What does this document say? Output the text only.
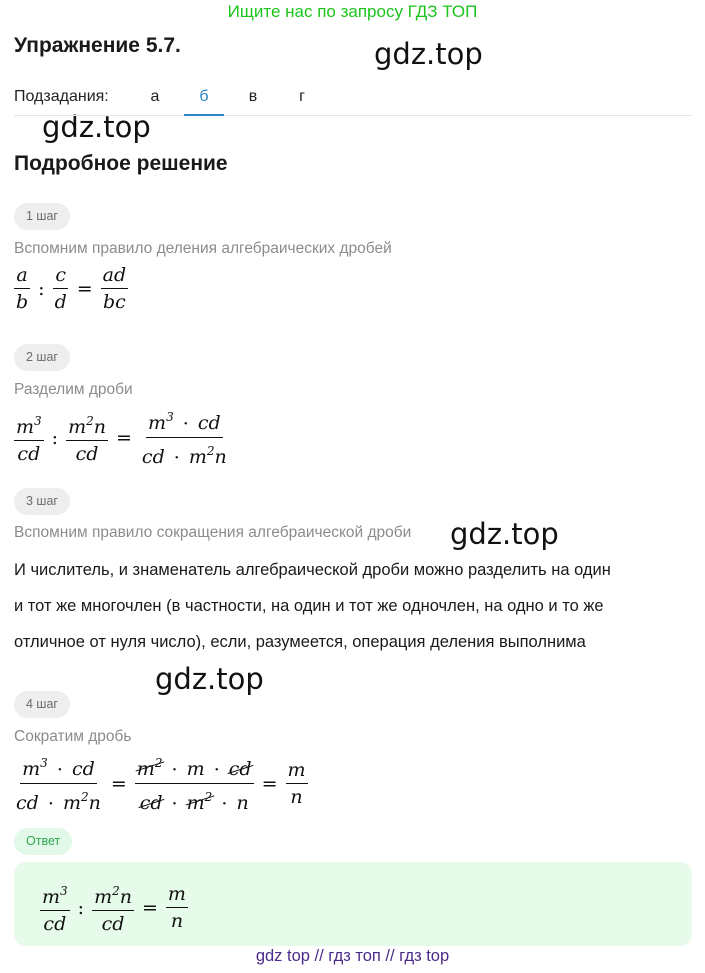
Ищите нас по запросу ГДЗ ТОП
Упражнение 5.7.	gdz.top
gdz.top
gdz.top
gdz.top
Подзадания:	а	б	в	г
Подробное решение
1 шаг
Вспомним правило деления алгебраических дробей
$\frac{a}{b}$ : $\frac{c}{d} = \frac{ad}{bc}$
2 шаг
Разделим дроби
$\frac{m^3}{cd}$ : $\frac{m^2n}{cd} = \frac{m^3 \cdot cd}{cd \cdot m^2n}$
3 шаг
Вспомним правило сокращения алгебраической дроби
И числитель, и знаменатель алгебраической дроби можно разделить на один
и тот же многочлен (в частности, на один и тот же одночлен, на одно и то же
отличное от нуля число), если, разумеется, операция деления выполнима
4 шаг
Сократим дробь
$\frac{m^3 \cdot cd}{cd \cdot m^2n} = \frac{m^2 \cdot m \cdot cd}{cd \cdot m^2 \cdot n} = \frac{m}{n}$
Ответ
$\frac{m^3}{cd}$ : $\frac{m^2n}{cd} = \frac{m}{n}$
gdz top // гдз топ // гдз top
